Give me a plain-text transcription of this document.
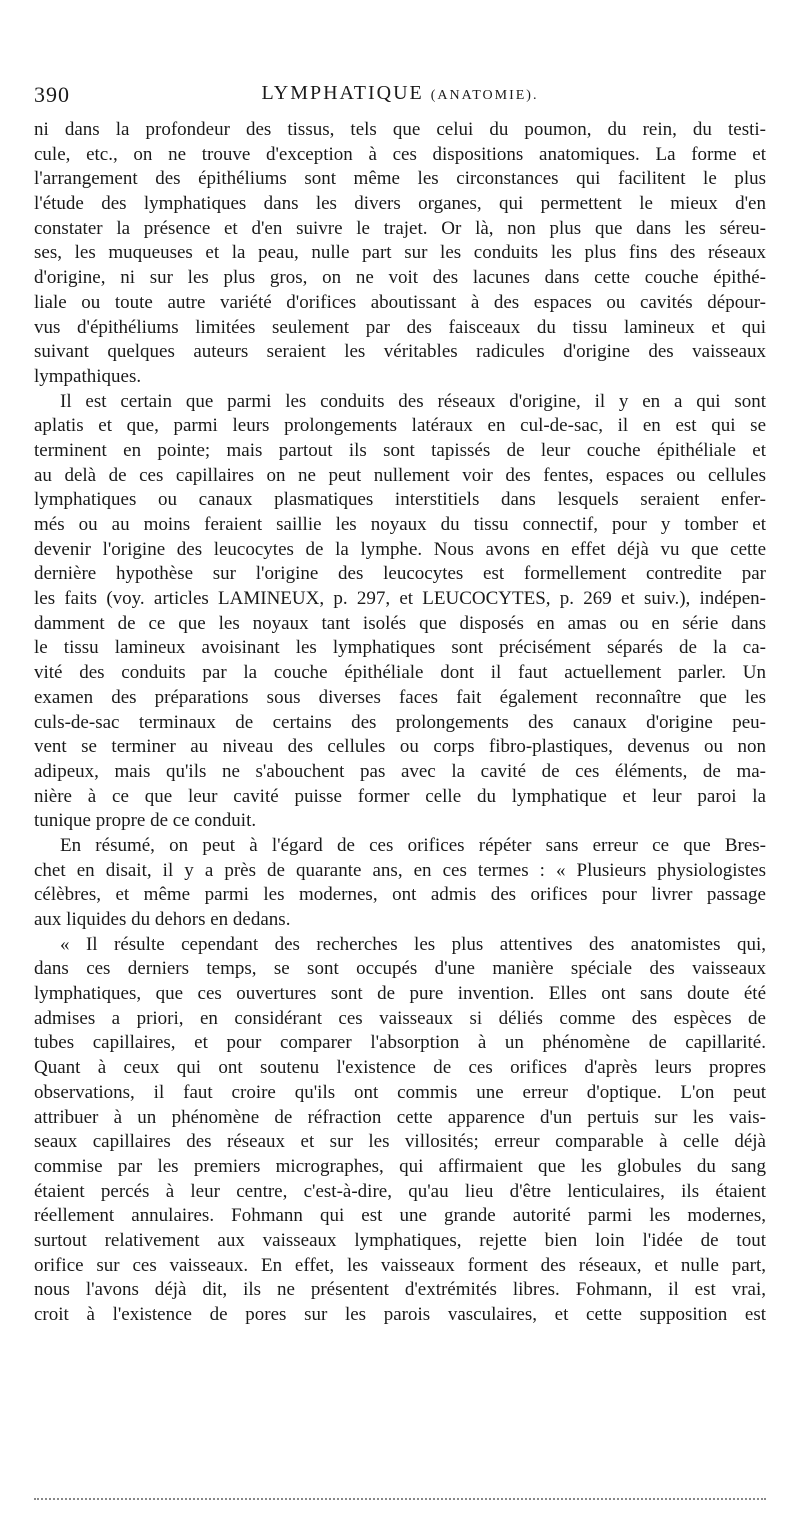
390	LYMPHATIQUE (ANATOMIE).
ni dans la profondeur des tissus, tels que celui du poumon, du rein, du testi-
cule, etc., on ne trouve d'exception à ces dispositions anatomiques. La forme et
l'arrangement des épithéliums sont même les circonstances qui facilitent le plus
l'étude des lymphatiques dans les divers organes, qui permettent le mieux d'en
constater la présence et d'en suivre le trajet. Or là, non plus que dans les séreu-
ses, les muqueuses et la peau, nulle part sur les conduits les plus fins des réseaux
d'origine, ni sur les plus gros, on ne voit des lacunes dans cette couche épithé-
liale ou toute autre variété d'orifices aboutissant à des espaces ou cavités dépour-
vus d'épithéliums limitées seulement par des faisceaux du tissu lamineux et qui
suivant quelques auteurs seraient les véritables radicules d'origine des vaisseaux
lympathiques.
Il est certain que parmi les conduits des réseaux d'origine, il y en a qui sont
aplatis et que, parmi leurs prolongements latéraux en cul-de-sac, il en est qui se
terminent en pointe; mais partout ils sont tapissés de leur couche épithéliale et
au delà de ces capillaires on ne peut nullement voir des fentes, espaces ou cellules
lymphatiques ou canaux plasmatiques interstitiels dans lesquels seraient enfer-
més ou au moins feraient saillie les noyaux du tissu connectif, pour y tomber et
devenir l'origine des leucocytes de la lymphe. Nous avons en effet déjà vu que cette
dernière hypothèse sur l'origine des leucocytes est formellement contredite par
les faits (voy. articles LAMINEUX, p. 297, et LEUCOCYTES, p. 269 et suiv.), indépen-
damment de ce que les noyaux tant isolés que disposés en amas ou en série dans
le tissu lamineux avoisinant les lymphatiques sont précisément séparés de la ca-
vité des conduits par la couche épithéliale dont il faut actuellement parler. Un
examen des préparations sous diverses faces fait également reconnaître que les
culs-de-sac terminaux de certains des prolongements des canaux d'origine peu-
vent se terminer au niveau des cellules ou corps fibro-plastiques, devenus ou non
adipeux, mais qu'ils ne s'abouchent pas avec la cavité de ces éléments, de ma-
nière à ce que leur cavité puisse former celle du lymphatique et leur paroi la
tunique propre de ce conduit.
En résumé, on peut à l'égard de ces orifices répéter sans erreur ce que Bres-
chet en disait, il y a près de quarante ans, en ces termes : « Plusieurs physiologistes
célèbres, et même parmi les modernes, ont admis des orifices pour livrer passage
aux liquides du dehors en dedans.
« Il résulte cependant des recherches les plus attentives des anatomistes qui,
dans ces derniers temps, se sont occupés d'une manière spéciale des vaisseaux
lymphatiques, que ces ouvertures sont de pure invention. Elles ont sans doute été
admises a priori, en considérant ces vaisseaux si déliés comme des espèces de
tubes capillaires, et pour comparer l'absorption à un phénomène de capillarité.
Quant à ceux qui ont soutenu l'existence de ces orifices d'après leurs propres
observations, il faut croire qu'ils ont commis une erreur d'optique. L'on peut
attribuer à un phénomène de réfraction cette apparence d'un pertuis sur les vais-
seaux capillaires des réseaux et sur les villosités; erreur comparable à celle déjà
commise par les premiers micrographes, qui affirmaient que les globules du sang
étaient percés à leur centre, c'est-à-dire, qu'au lieu d'être lenticulaires, ils étaient
réellement annulaires. Fohmann qui est une grande autorité parmi les modernes,
surtout relativement aux vaisseaux lymphatiques, rejette bien loin l'idée de tout
orifice sur ces vaisseaux. En effet, les vaisseaux forment des réseaux, et nulle part,
nous l'avons déjà dit, ils ne présentent d'extrémités libres. Fohmann, il est vrai,
croit à l'existence de pores sur les parois vasculaires, et cette supposition est
